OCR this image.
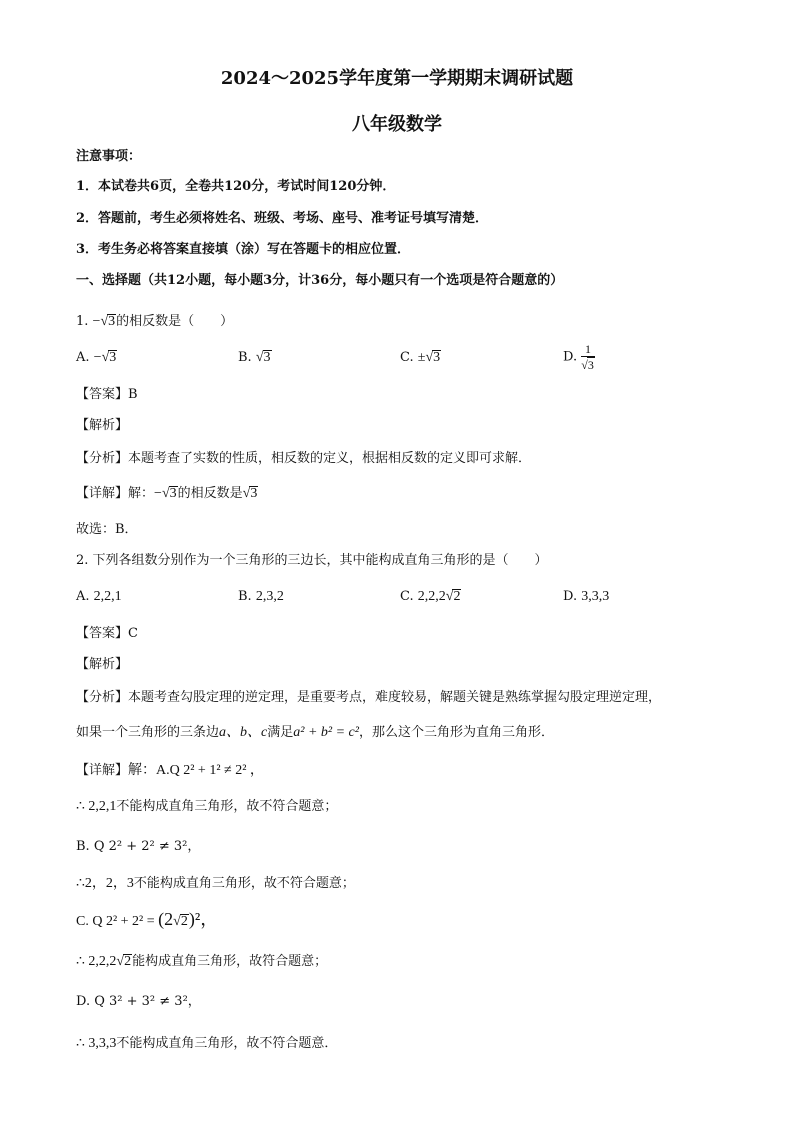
2024～2025学年度第一学期期末调研试题
八年级数学
注意事项：
1．本试卷共6页，全卷共120分，考试时间120分钟．
2．答题前，考生必须将姓名、班级、考场、座号、准考证号填写清楚．
3．考生务必将答案直接填（涂）写在答题卡的相应位置．
一、选择题（共12小题，每小题3分，计36分，每小题只有一个选项是符合题意的）
1. −√3的相反数是（　　）
A. −√3	B. √3	C. ±√3	D. $\frac{1}{√3}$
【答案】B
【解析】
【分析】本题考查了实数的性质，相反数的定义，根据相反数的定义即可求解．
【详解】解：−√3的相反数是√3
故选：B．
2. 下列各组数分别作为一个三角形的三边长，其中能构成直角三角形的是（　　）
A. 2,2,1	B. 2,3,2	C. 2,2,2√2	D. 3,3,3
【答案】C
【解析】
【分析】本题考查勾股定理的逆定理，是重要考点，难度较易，解题关键是熟练掌握勾股定理逆定理，
如果一个三角形的三条边a、b、c满足a² + b² = c²，那么这个三角形为直角三角形．
【详解】解：A.Q 2² + 1² ≠ 2² ，
∴ 2,2,1不能构成直角三角形，故不符合题意；
B. Q 2² + 2² ≠ 3²，
∴2，2，3不能构成直角三角形，故不符合题意；
C. Q 2² + 2² = (2√2)²，
∴ 2,2,2√2能构成直角三角形，故符合题意；
D. Q 3² + 3² ≠ 3²，
∴ 3,3,3不能构成直角三角形，故不符合题意．
